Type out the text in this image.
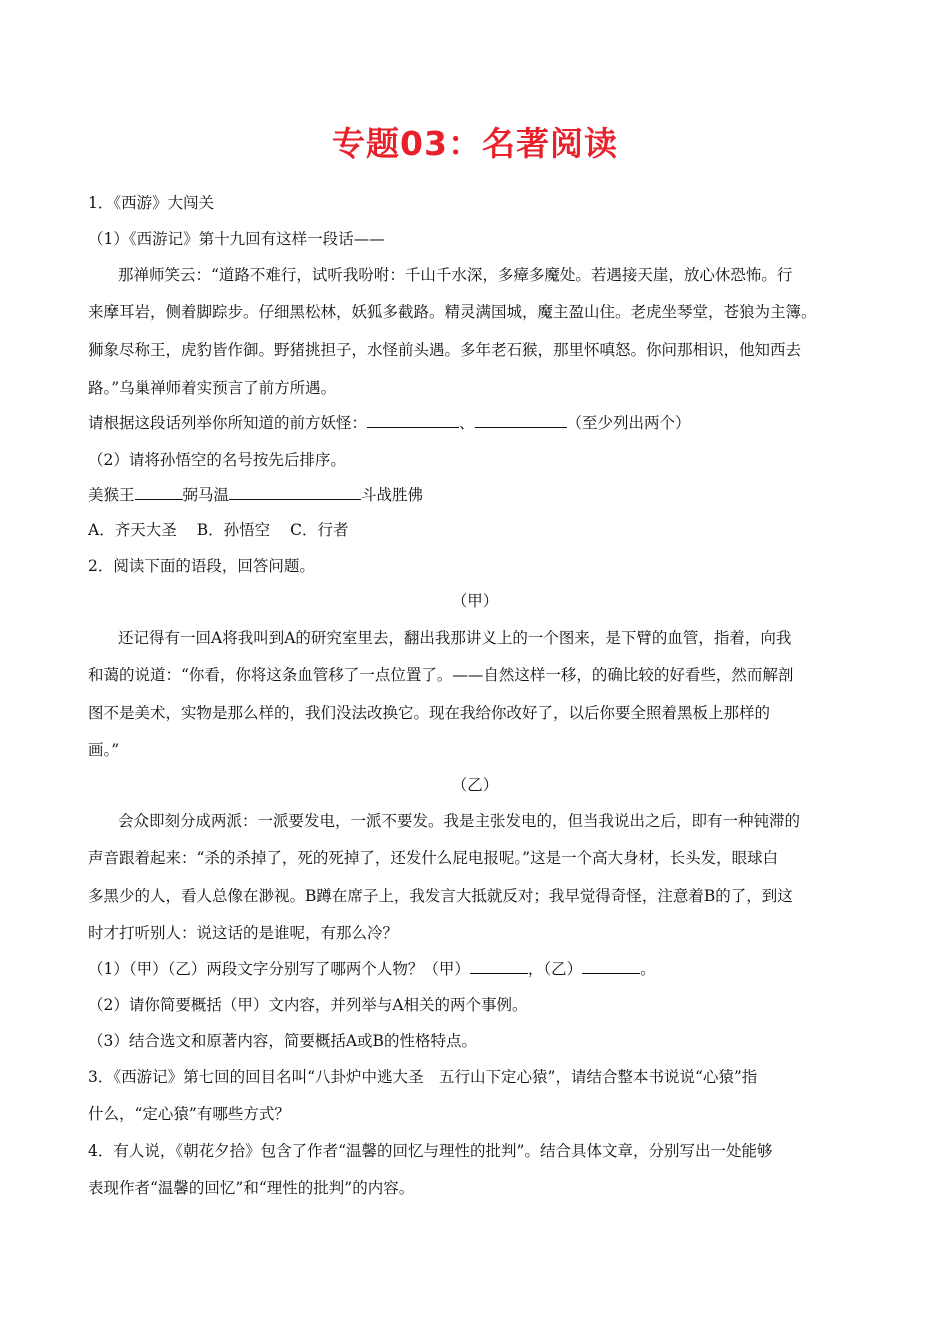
专题03：名著阅读
1．《西游》大闯关
（1）《西游记》第十九回有这样一段话——
那禅师笑云：“道路不难行，试听我吩咐：千山千水深，多瘴多魔处。若遇接天崖，放心休恐怖。行
来摩耳岩，侧着脚踪步。仔细黑松林，妖狐多截路。精灵满国城，魔主盈山住。老虎坐琴堂，苍狼为主簿。
狮象尽称王，虎豹皆作御。野猪挑担子，水怪前头遇。多年老石猴，那里怀嗔怒。你问那相识，他知西去
路。”乌巢禅师着实预言了前方所遇。
请根据这段话列举你所知道的前方妖怪：	、	（至少列出两个）
（2）请将孙悟空的名号按先后排序。
美猴王	弼马温	斗战胜佛
A．齐天大圣 B．孙悟空 C．行者
2．阅读下面的语段，回答问题。
（甲）
还记得有一回A将我叫到A的研究室里去，翻出我那讲义上的一个图来，是下臂的血管，指着，向我
和蔼的说道：“你看，你将这条血管移了一点位置了。——自然这样一移，的确比较的好看些，然而解剖
图不是美术，实物是那么样的，我们没法改换它。现在我给你改好了，以后你要全照着黑板上那样的
画。”
（乙）
会众即刻分成两派：一派要发电，一派不要发。我是主张发电的，但当我说出之后，即有一种钝滞的
声音跟着起来：“杀的杀掉了，死的死掉了，还发什么屁电报呢。”这是一个高大身材，长头发，眼球白
多黑少的人，看人总像在渺视。B蹲在席子上，我发言大抵就反对；我早觉得奇怪，注意着B的了，到这
时才打听别人：说这话的是谁呢，有那么冷？
（1）（甲）（乙）两段文字分别写了哪两个人物？（甲）	，（乙）	。
（2）请你简要概括（甲）文内容，并列举与A相关的两个事例。
（3）结合选文和原著内容，简要概括A或B的性格特点。
3．《西游记》第七回的回目名叫“八卦炉中逃大圣　五行山下定心猿”，请结合整本书说说“心猿”指
什么，“定心猿”有哪些方式？
4．有人说，《朝花夕拾》包含了作者“温馨的回忆与理性的批判”。结合具体文章，分别写出一处能够
表现作者“温馨的回忆”和“理性的批判”的内容。
